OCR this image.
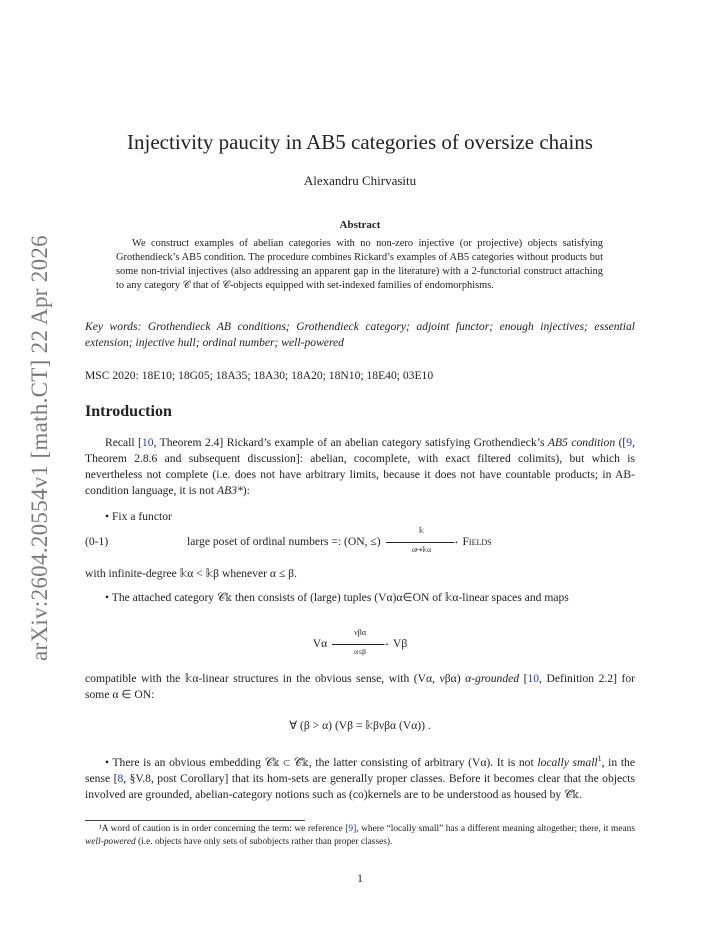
arXiv:2604.20554v1 [math.CT] 22 Apr 2026
Injectivity paucity in AB5 categories of oversize chains
Alexandru Chirvasitu
Abstract
We construct examples of abelian categories with no non-zero injective (or projective) objects satisfying Grothendieck’s AB5 condition. The procedure combines Rickard’s examples of AB5 categories without products but some non-trivial injectives (also addressing an apparent gap in the literature) with a 2-functorial construct attaching to any category 𝒞 that of 𝒞-objects equipped with set-indexed families of endomorphisms.
Key words: Grothendieck AB conditions; Grothendieck category; adjoint functor; enough injectives; essential extension; injective hull; ordinal number; well-powered
MSC 2020: 18E10; 18G05; 18A35; 18A30; 18A20; 18N10; 18E40; 03E10
Introduction
Recall [10, Theorem 2.4] Rickard’s example of an abelian category satisfying Grothendieck’s AB5 condition ([9, Theorem 2.8.6 and subsequent discussion]: abelian, cocomplete, with exact filtered colimits), but which is nevertheless not complete (i.e. does not have arbitrary limits, because it does not have countable products; in AB-condition language, it is not AB3*):
• Fix a functor
(0-1)	large poset of ordinal numbers =: (ON, ≤)
𝕜
→
α↦𝕜α
Fields
with infinite-degree 𝕜α < 𝕜β whenever α ≤ β.
• The attached category 𝒞𝕜 then consists of (large) tuples (Vα)α∈ON of 𝕜α-linear spaces and maps
Vα
νβα
→
α≤β
Vβ
compatible with the 𝕜α-linear structures in the obvious sense, with (Vα, νβα) α-grounded [10, Definition 2.2] for some α ∈ ON:
∀ (β > α) (Vβ = 𝕜βνβα (Vα)) .
• There is an obvious embedding 𝒞𝕜 ⊂ 𝒞̄𝕜, the latter consisting of arbitrary (Vα). It is not locally small$^1$, in the sense [8, §V.8, post Corollary] that its hom-sets are generally proper classes. Before it becomes clear that the objects involved are grounded, abelian-category notions such as (co)kernels are to be understood as housed by 𝒞̄𝕜.
¹A word of caution is in order concerning the term: we reference [9], where “locally small” has a different meaning altogether; there, it means well-powered (i.e. objects have only sets of subobjects rather than proper classes).
1
